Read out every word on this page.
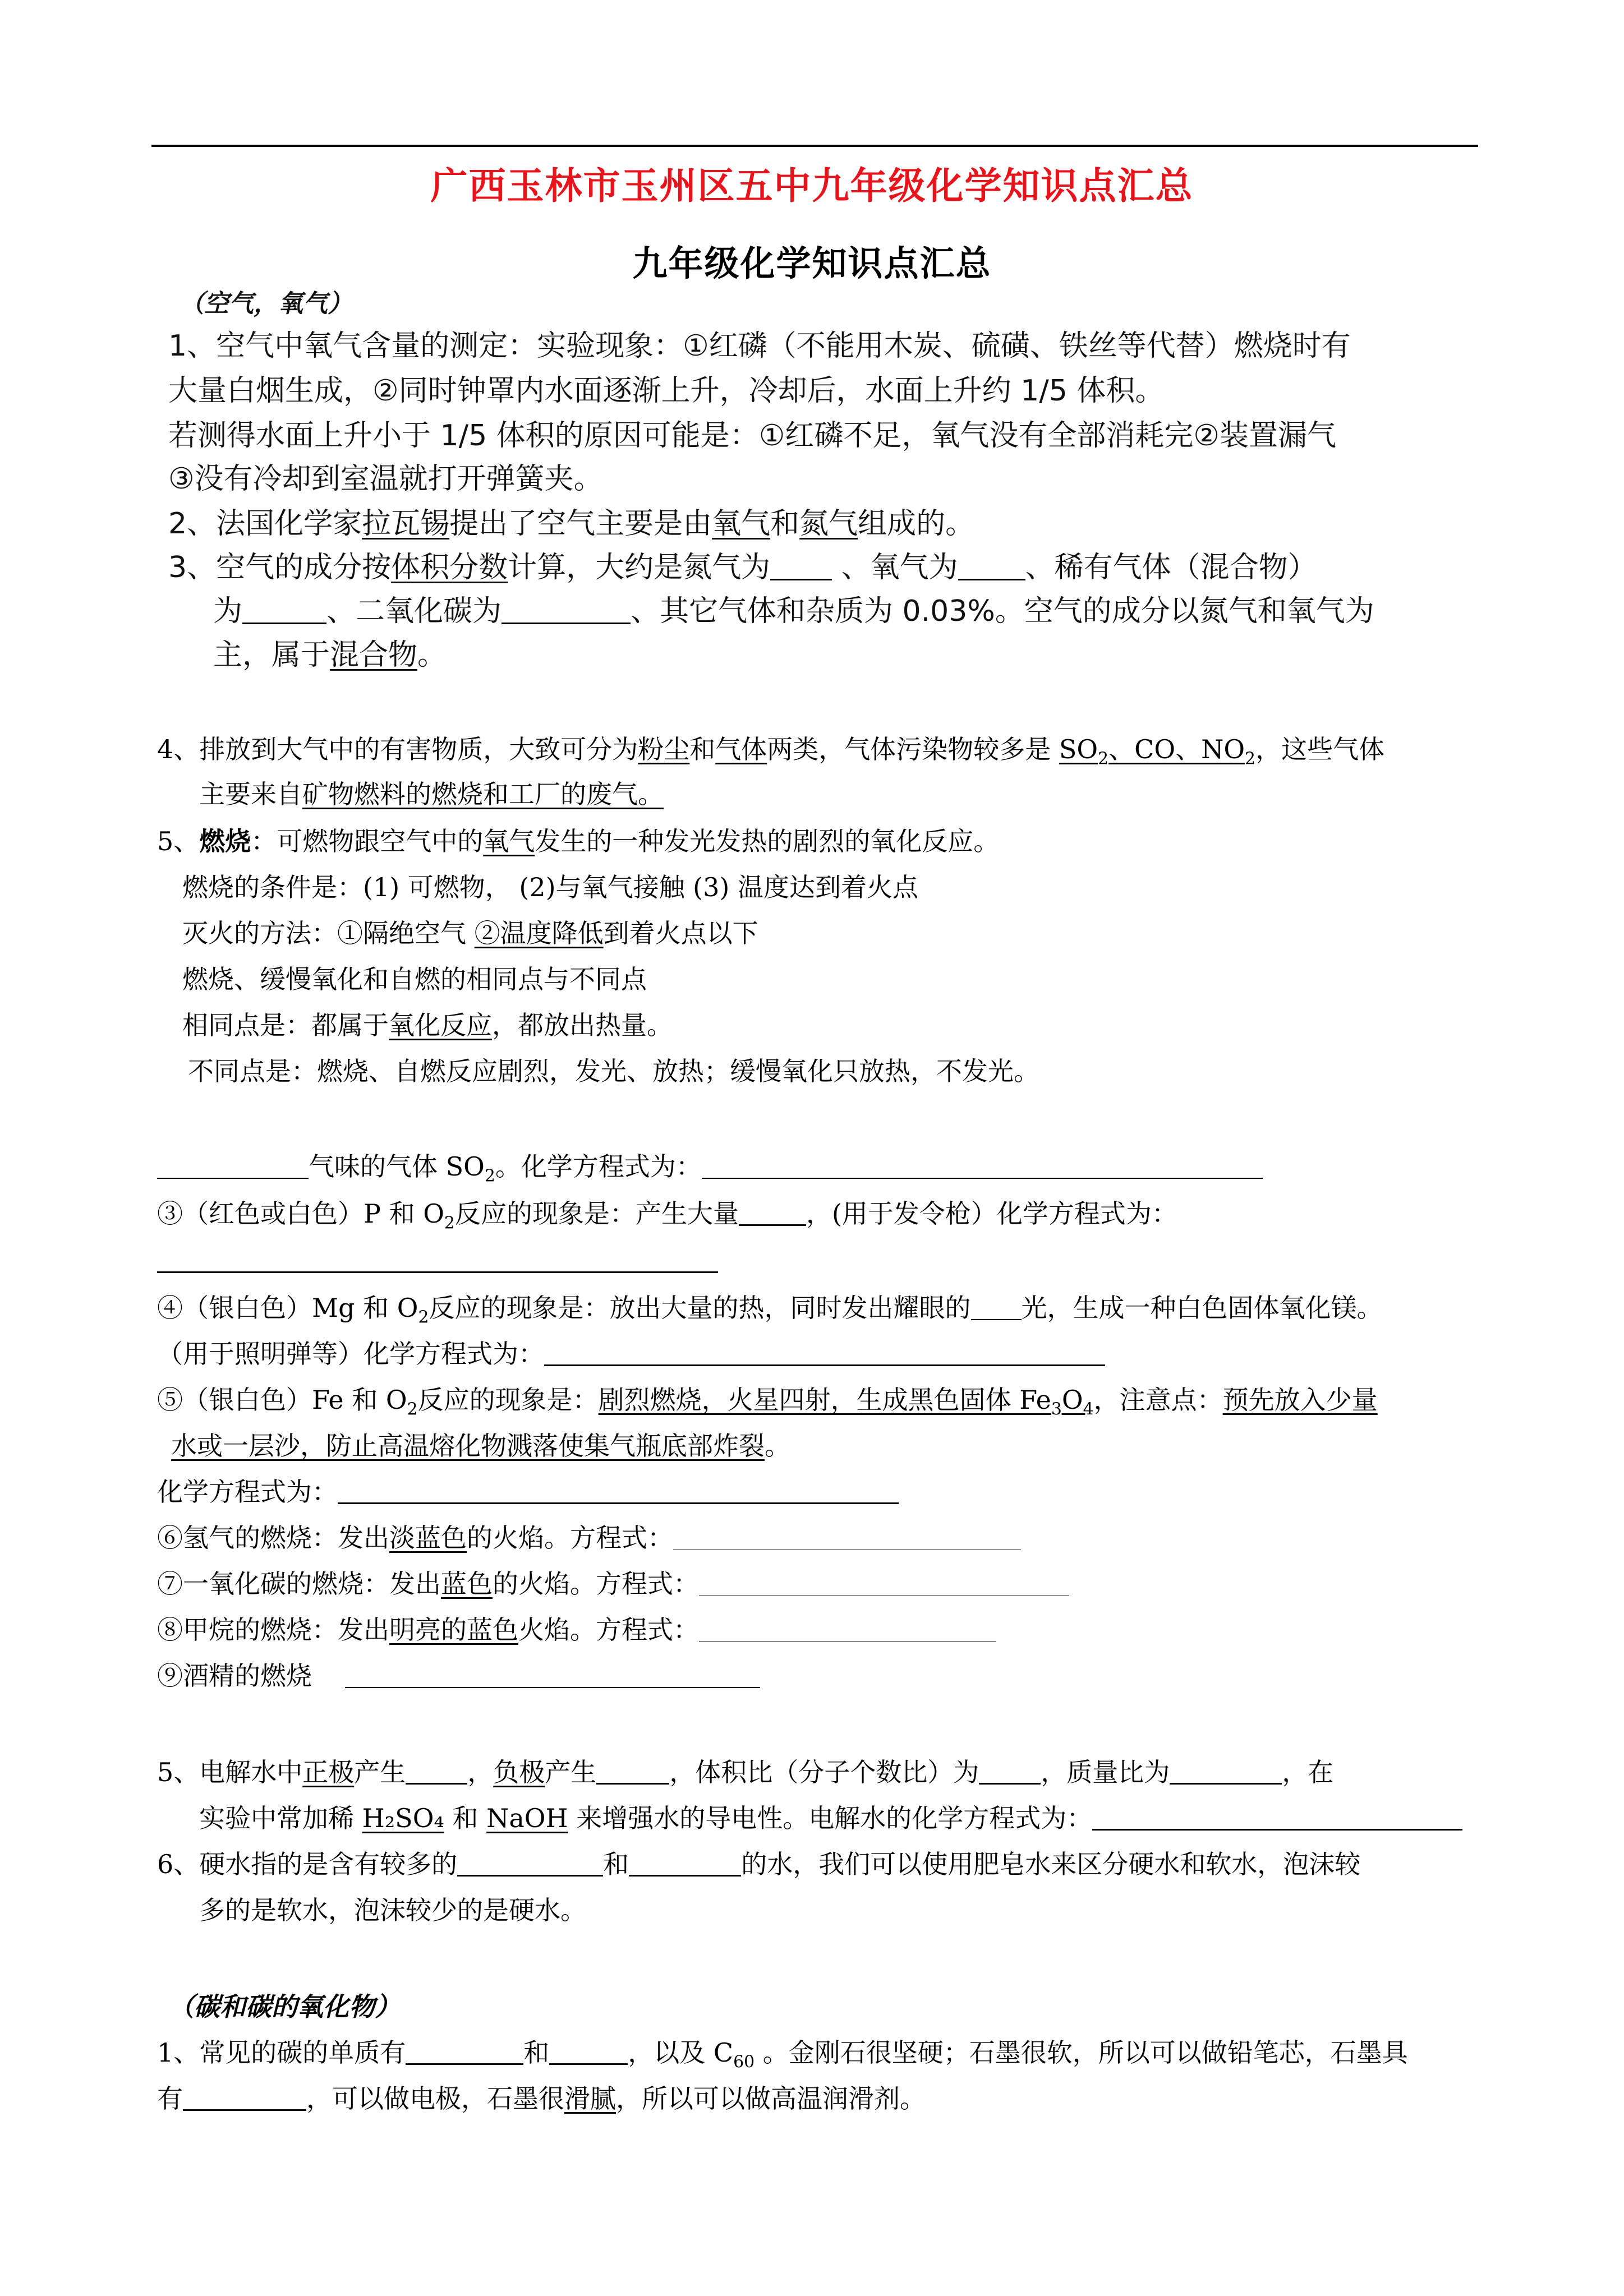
广西玉林市玉州区五中九年级化学知识点汇总
九年级化学知识点汇总
（空气，氧气）
1、空气中氧气含量的测定：实验现象：①红磷（不能用木炭、硫磺、铁丝等代替）燃烧时有
大量白烟生成，②同时钟罩内水面逐渐上升，冷却后，水面上升约 1/5 体积。
若测得水面上升小于 1/5 体积的原因可能是：①红磷不足，氧气没有全部消耗完②装置漏气
③没有冷却到室温就打开弹簧夹。
2、法国化学家拉瓦锡提出了空气主要是由氧气和氮气组成的。
3、空气的成分按体积分数计算，大约是氮气为 、氧气为 、稀有气体（混合物）
为	、二氧化碳为	、其它气体和杂质为 0.03%。空气的成分以氮气和氧气为
主，属于混合物。
4、排放到大气中的有害物质，大致可分为粉尘和气体两类，气体污染物较多是 $SO_2$、CO、$NO_2$，这些气体
主要来自矿物燃料的燃烧和工厂的废气。
5、燃烧：可燃物跟空气中的氧气发生的一种发光发热的剧烈的氧化反应。
燃烧的条件是：(1) 可燃物， (2)与氧气接触 (3) 温度达到着火点
灭火的方法：①隔绝空气 ②温度降低到着火点以下
燃烧、缓慢氧化和自燃的相同点与不同点
相同点是：都属于氧化反应，都放出热量。
不同点是：燃烧、自燃反应剧烈，发光、放热；缓慢氧化只放热，不发光。
气味的气体 $SO_2$。化学方程式为：
③（红色或白色）P 和 $O_2$反应的现象是：产生大量	，(用于发令枪）化学方程式为：
④（银白色）Mg 和 $O_2$反应的现象是：放出大量的热，同时发出耀眼的 光，生成一种白色固体氧化镁。
（用于照明弹等）化学方程式为：
⑤（银白色）Fe 和 $O_2$反应的现象是：剧烈燃烧，火星四射，生成黑色固体 $Fe_3O_4$，注意点：预先放入少量
水或一层沙，防止高温熔化物溅落使集气瓶底部炸裂。
化学方程式为：
⑥氢气的燃烧：发出淡蓝色的火焰。方程式：
⑦一氧化碳的燃烧：发出蓝色的火焰。方程式：
⑧甲烷的燃烧：发出明亮的蓝色火焰。方程式：
⑨酒精的燃烧
5、电解水中正极产生 ，负极产生	，体积比（分子个数比）为 ，质量比为	，在
实验中常加稀 H₂SO₄ 和 NaOH 来增强水的导电性。电解水的化学方程式为：
6、硬水指的是含有较多的	和	的水，我们可以使用肥皂水来区分硬水和软水，泡沫较
多的是软水，泡沫较少的是硬水。
（碳和碳的氧化物）
1、常见的碳的单质有	和	，以及 $C_{60}$ 。金刚石很坚硬；石墨很软，所以可以做铅笔芯，石墨具
有	，可以做电极，石墨很滑腻，所以可以做高温润滑剂。
